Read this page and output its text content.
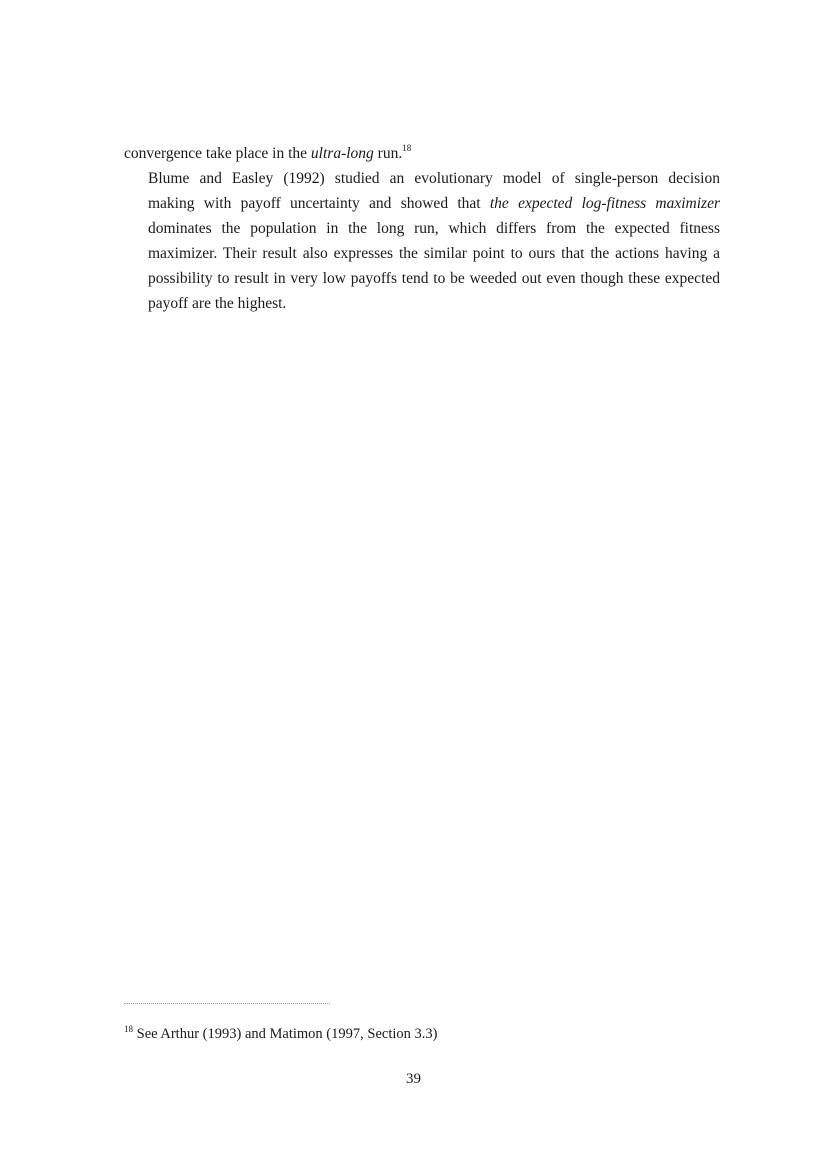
convergence take place in the ultra-long run.$^{18}$

Blume and Easley (1992) studied an evolutionary model of single-person decision
making with payoff uncertainty and showed that the expected log-fitness maximizer
dominates the population in the long run, which differs from the expected fitness
maximizer. Their result also expresses the similar point to ours that the actions having a
possibility to result in very low payoffs tend to be weeded out even though these expected
payoff are the highest.

$^{18}$ See Arthur (1993) and Matimon (1997, Section 3.3)
39
